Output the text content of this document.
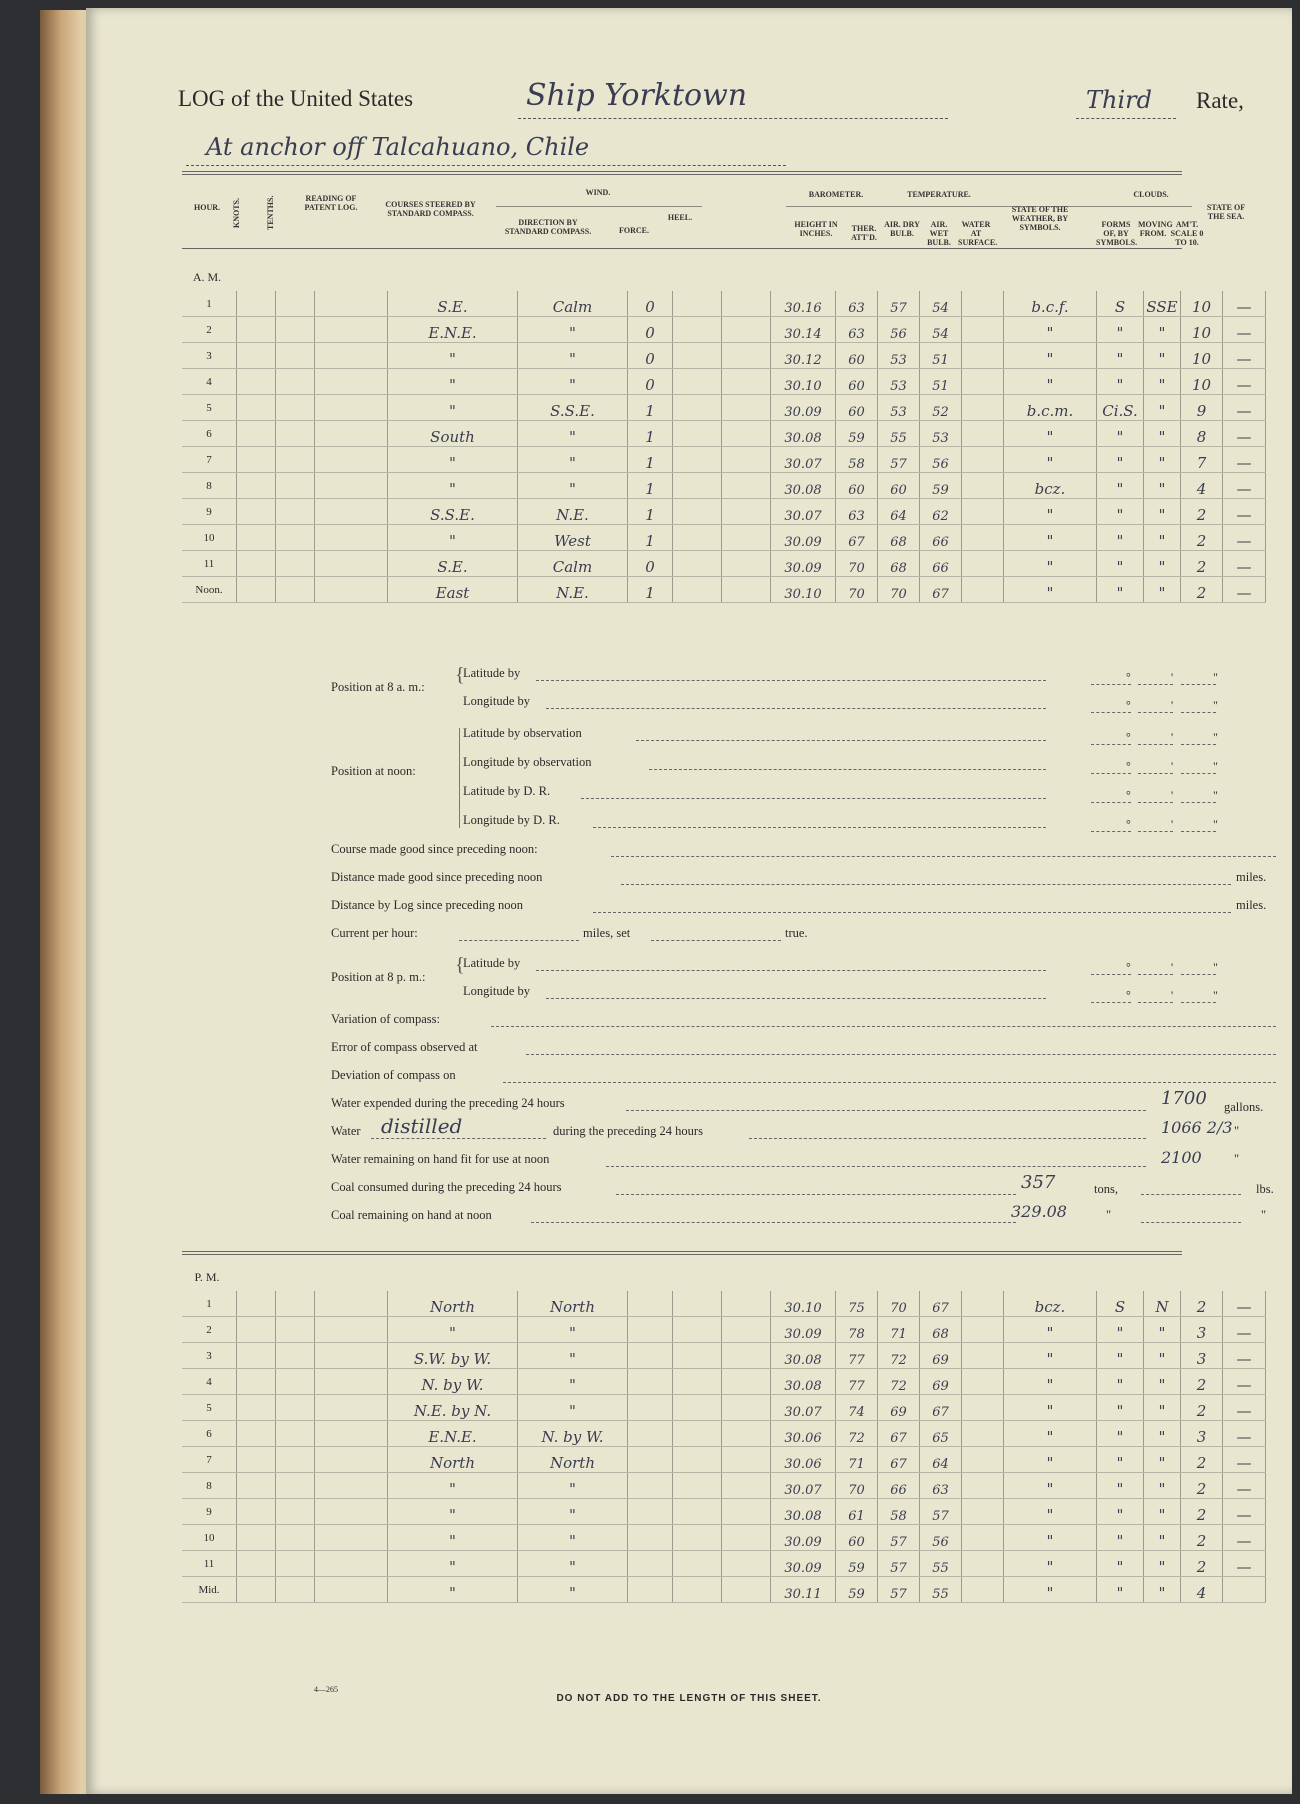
LOG of the United States	Ship Yorktown	Third Rate,
At anchor off Talcahuano, Chile
HOUR.	KNOTS.	TENTHS.	READING OF PATENT LOG.	COURSES STEERED BY STANDARD COMPASS.
WIND.
DIRECTION BY STANDARD COMPASS.	FORCE.
HEEL.
BAROMETER.	TEMPERATURE.
HEIGHT IN INCHES.
THER. ATT'D.
AIR. DRY BULB.
AIR. WET BULB.
WATER AT SURFACE.
STATE OF THE WEATHER, BY SYMBOLS.
CLOUDS.
FORMS OF, BY SYMBOLS.
MOVING FROM.
AM'T. SCALE 0 TO 10.
STATE OF THE SEA.
A. M.
1				S.E.	Calm	0			30.16	63	57	54		b.c.f.	S	SSE	10	—
2				E.N.E.	"	0			30.14	63	56	54		"	"	"	10	—
3				"	"	0			30.12	60	53	51		"	"	"	10	—
4				"	"	0			30.10	60	53	51		"	"	"	10	—
5				"	S.S.E.	1			30.09	60	53	52		b.c.m.	Ci.S.	"	9	—
6				South	"	1			30.08	59	55	53		"	"	"	8	—
7				"	"	1			30.07	58	57	56		"	"	"	7	—
8				"	"	1			30.08	60	60	59		bcz.	"	"	4	—
9				S.S.E.	N.E.	1			30.07	63	64	62		"	"	"	2	—
10				"	West	1			30.09	67	68	66		"	"	"	2	—
11				S.E.	Calm	0			30.09	70	68	66		"	"	"	2	—
Noon.				East	N.E.	1			30.10	70	70	67		"	"	"	2	—
Position at 8 a. m.:
{
Latitude by
Longitude by
Position at noon:
Latitude by observation
Longitude by observation
Latitude by D. R.
Longitude by D. R.
Course made good since preceding noon:
Distance made good since preceding noon	miles.
Distance by Log since preceding noon	miles.
Current per hour:	miles, set	true.
Position at 8 p. m.:
{
Latitude by
Longitude by
Variation of compass:
Error of compass observed at
Deviation of compass on
Water expended during the preceding 24 hours	1700 gallons.
Water distilled	during the preceding 24 hours	1066 2/3 "
Water remaining on hand fit for use at noon	2100	"
Coal consumed during the preceding 24 hours	357	tons,	lbs.
Coal remaining on hand at noon	329.08	"	"
°	'	"
°	'	"
°	'	"
°	'	"
°	'	"
°	'	"
°	'	"
°	'	"
P. M.
1				North	North				30.10	75	70	67		bcz.	S	N	2	—
2				"	"				30.09	78	71	68		"	"	"	3	—
3				S.W. by W.	"				30.08	77	72	69		"	"	"	3	—
4				N. by W.	"				30.08	77	72	69		"	"	"	2	—
5				N.E. by N.	"				30.07	74	69	67		"	"	"	2	—
6				E.N.E.	N. by W.				30.06	72	67	65		"	"	"	3	—
7				North	North				30.06	71	67	64		"	"	"	2	—
8				"	"				30.07	70	66	63		"	"	"	2	—
9				"	"				30.08	61	58	57		"	"	"	2	—
10				"	"				30.09	60	57	56		"	"	"	2	—
11				"	"				30.09	59	57	55		"	"	"	2	—
Mid.				"	"				30.11	59	57	55		"	"	"	4	
4—265
DO NOT ADD TO THE LENGTH OF THIS SHEET.
